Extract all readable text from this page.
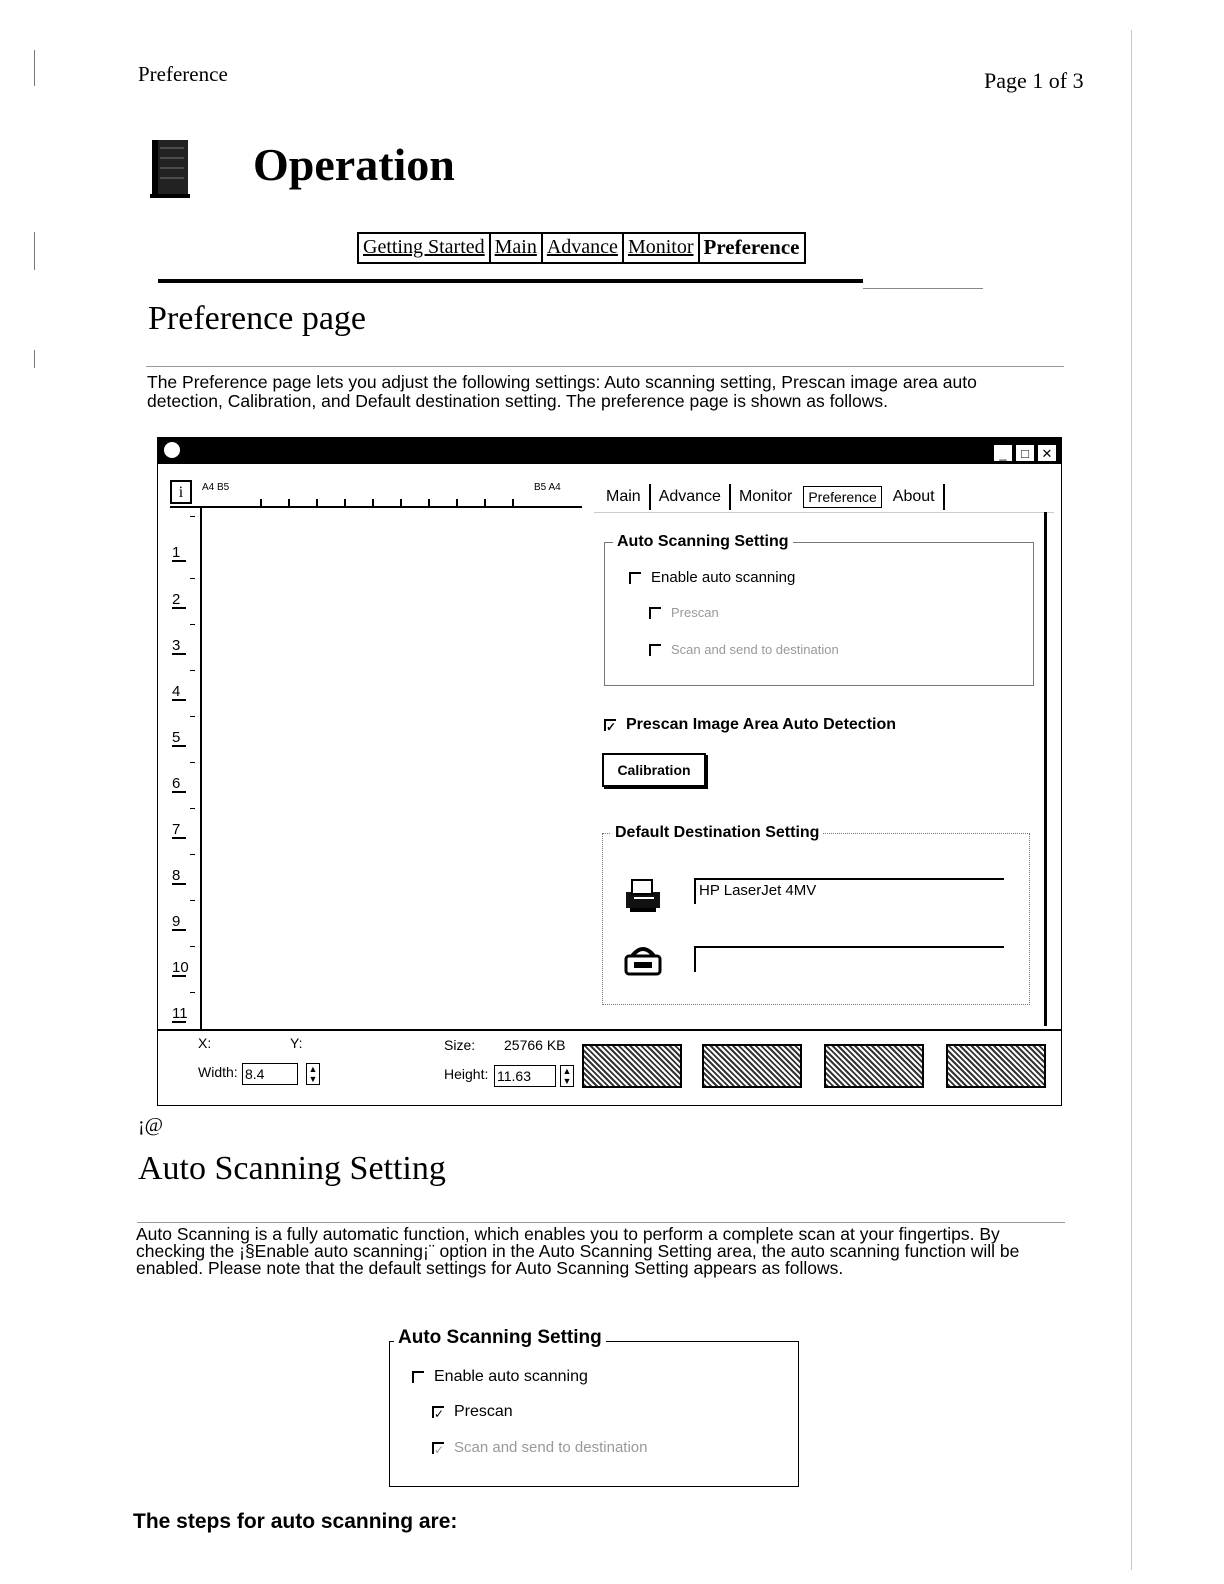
Preference	Page 1 of 3
Operation
Getting Started Main Advance Monitor Preference
Preference page
The Preference page lets you adjust the following settings: Auto scanning setting, Prescan image area auto detection, Calibration, and Default destination setting. The preference page is shown as follows.
_	□ ✕
i	A4 B5	B5 A4
1
2
3
4
5
6
7
8
9
10
11
Main	Advance	Monitor	Preference	About
Auto Scanning Setting
Enable auto scanning
Prescan
Scan and send to destination
✓
Prescan Image Area Auto Detection
Calibration
Default Destination Setting
HP LaserJet 4MV
X:	Y:	Size: 25766 KB
Width: 8.4	▲
▼	Height: 11.63	▲
▼
¡@
Auto Scanning Setting
Auto Scanning is a fully automatic function, which enables you to perform a complete scan at your fingertips. By checking the ¡§Enable auto scanning¡¨ option in the Auto Scanning Setting area, the auto scanning function will be enabled. Please note that the default settings for Auto Scanning Setting appears as follows.
Auto Scanning Setting
Enable auto scanning
✓
Prescan
✓
Scan and send to destination
The steps for auto scanning are:
